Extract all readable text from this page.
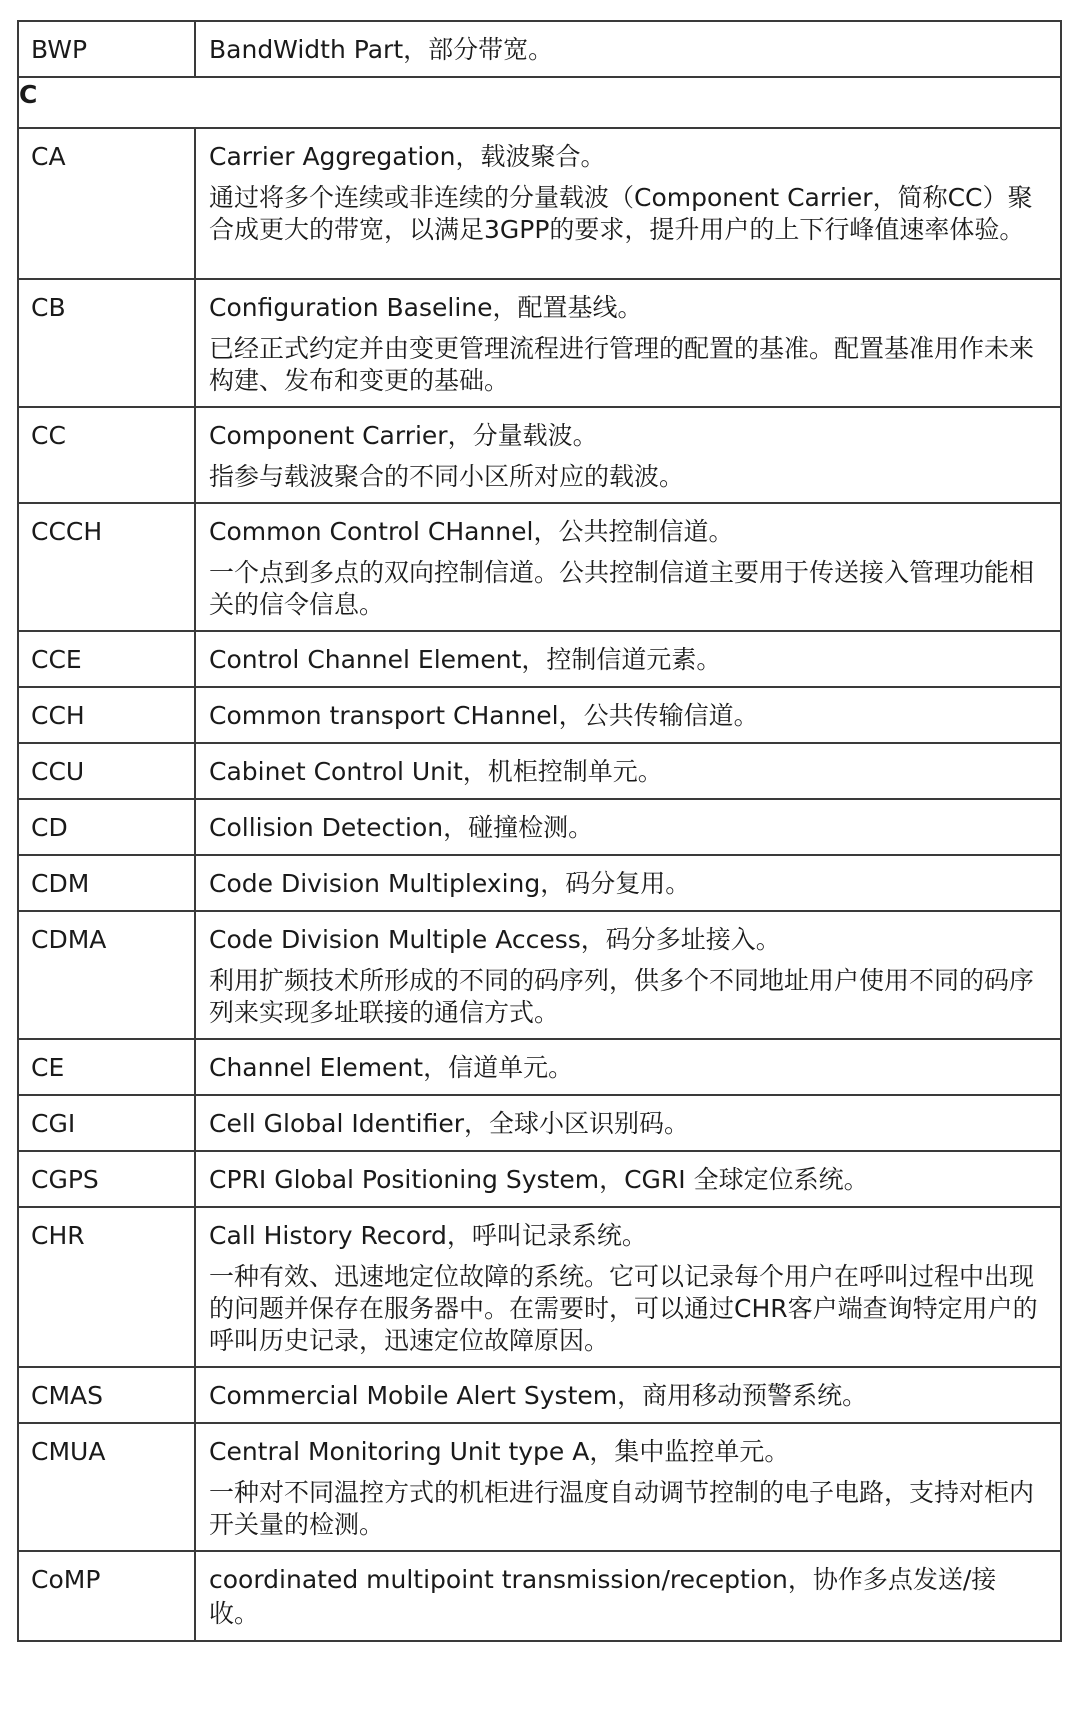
BWP	BandWidth Part，部分带宽。

C	

CA	Carrier Aggregation，载波聚合。
通过将多个连续或非连续的分量载波（Component Carrier，简称CC）聚合成更大的带宽，以满足3GPP的要求，提升用户的上下行峰值速率体验。

CB	Configuration Baseline，配置基线。
已经正式约定并由变更管理流程进行管理的配置的基准。配置基准用作未来构建、发布和变更的基础。

CC	Component Carrier，分量载波。
指参与载波聚合的不同小区所对应的载波。

CCCH	Common Control CHannel，公共控制信道。
一个点到多点的双向控制信道。公共控制信道主要用于传送接入管理功能相关的信令信息。

CCE	Control Channel Element，控制信道元素。

CCH	Common transport CHannel，公共传输信道。

CCU	Cabinet Control Unit，机柜控制单元。

CD	Collision Detection，碰撞检测。

CDM	Code Division Multiplexing，码分复用。

CDMA	Code Division Multiple Access，码分多址接入。
利用扩频技术所形成的不同的码序列，供多个不同地址用户使用不同的码序列来实现多址联接的通信方式。

CE	Channel Element，信道单元。

CGI	Cell Global Identifier，全球小区识别码。

CGPS	CPRI Global Positioning System，CGRI 全球定位系统。

CHR	Call History Record，呼叫记录系统。
一种有效、迅速地定位故障的系统。它可以记录每个用户在呼叫过程中出现的问题并保存在服务器中。在需要时，可以通过CHR客户端查询特定用户的呼叫历史记录，迅速定位故障原因。

CMAS	Commercial Mobile Alert System，商用移动预警系统。

CMUA	Central Monitoring Unit type A，集中监控单元。
一种对不同温控方式的机柜进行温度自动调节控制的电子电路，支持对柜内开关量的检测。

CoMP	coordinated multipoint transmission/reception，协作多点发送/接收。
